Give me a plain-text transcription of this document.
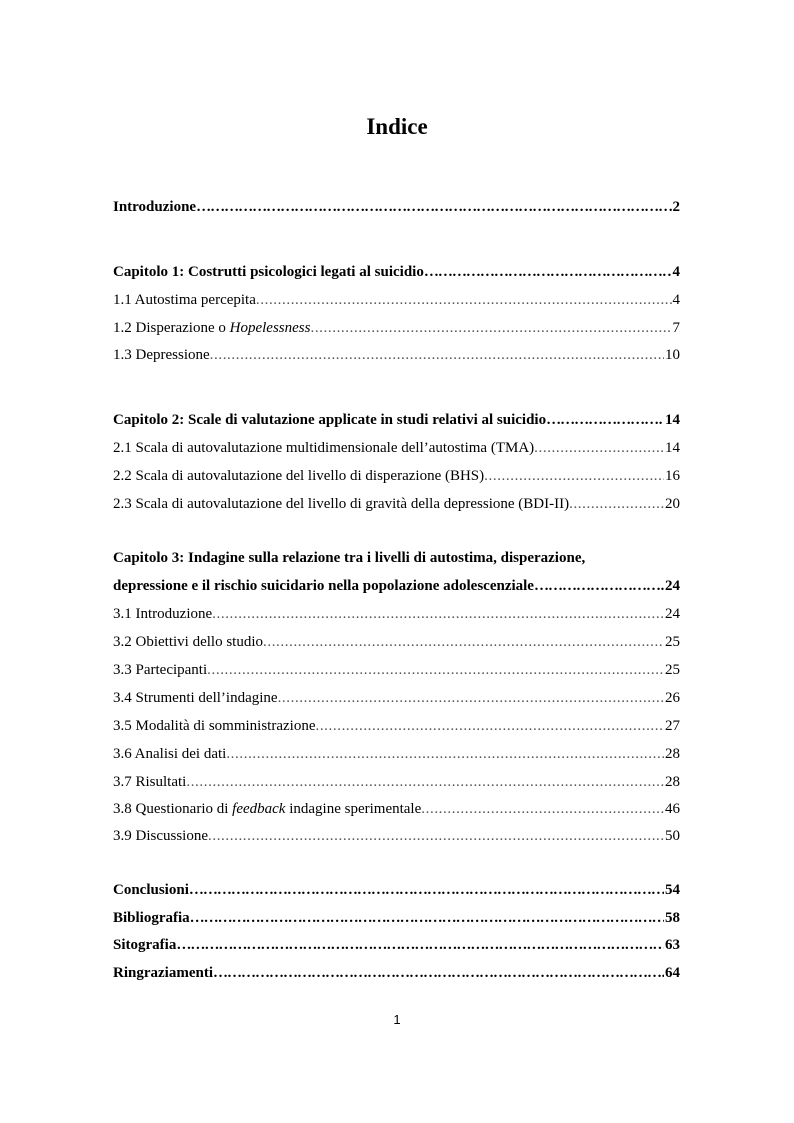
Indice
Introduzione …………………………………………………………………………………………………………………………………………………………………………………………	2
Capitolo 1: Costrutti psicologici legati al suicidio …………………………………………………………………………………………………………………………………………………………………………………………	4
1.1 Autostima percepita .....	4
1.2 Disperazione o Hopelessness .....	7
1.3 Depressione .....	10
Capitolo 2: Scale di valutazione applicate in studi relativi al suicidio …………………………………………………………………………………………………………………………………………………………………………………………	14
2.1 Scala di autovalutazione multidimensionale dell’autostima (TMA) .....	14
2.2 Scala di autovalutazione del livello di disperazione (BHS) .....	16
2.3 Scala di autovalutazione del livello di gravità della depressione (BDI-II) .....	20
Capitolo 3: Indagine sulla relazione tra i livelli di autostima, disperazione,
depressione e il rischio suicidario nella popolazione adolescenziale …………………………………………………………………………………………………………………………………………………………………………………………	24
3.1 Introduzione .....	24
3.2 Obiettivi dello studio .....	25
3.3 Partecipanti .....	25
3.4 Strumenti dell’indagine .....	26
3.5 Modalità di somministrazione .....	27
3.6 Analisi dei dati .....	28
3.7 Risultati .....	28
3.8 Questionario di feedback indagine sperimentale .....	46
3.9 Discussione .....	50
Conclusioni …………………………………………………………………………………………………………………………………………………………………………………………	54
Bibliografia …………………………………………………………………………………………………………………………………………………………………………………………	58
Sitografia …………………………………………………………………………………………………………………………………………………………………………………………	63
Ringraziamenti …………………………………………………………………………………………………………………………………………………………………………………………	64
1
